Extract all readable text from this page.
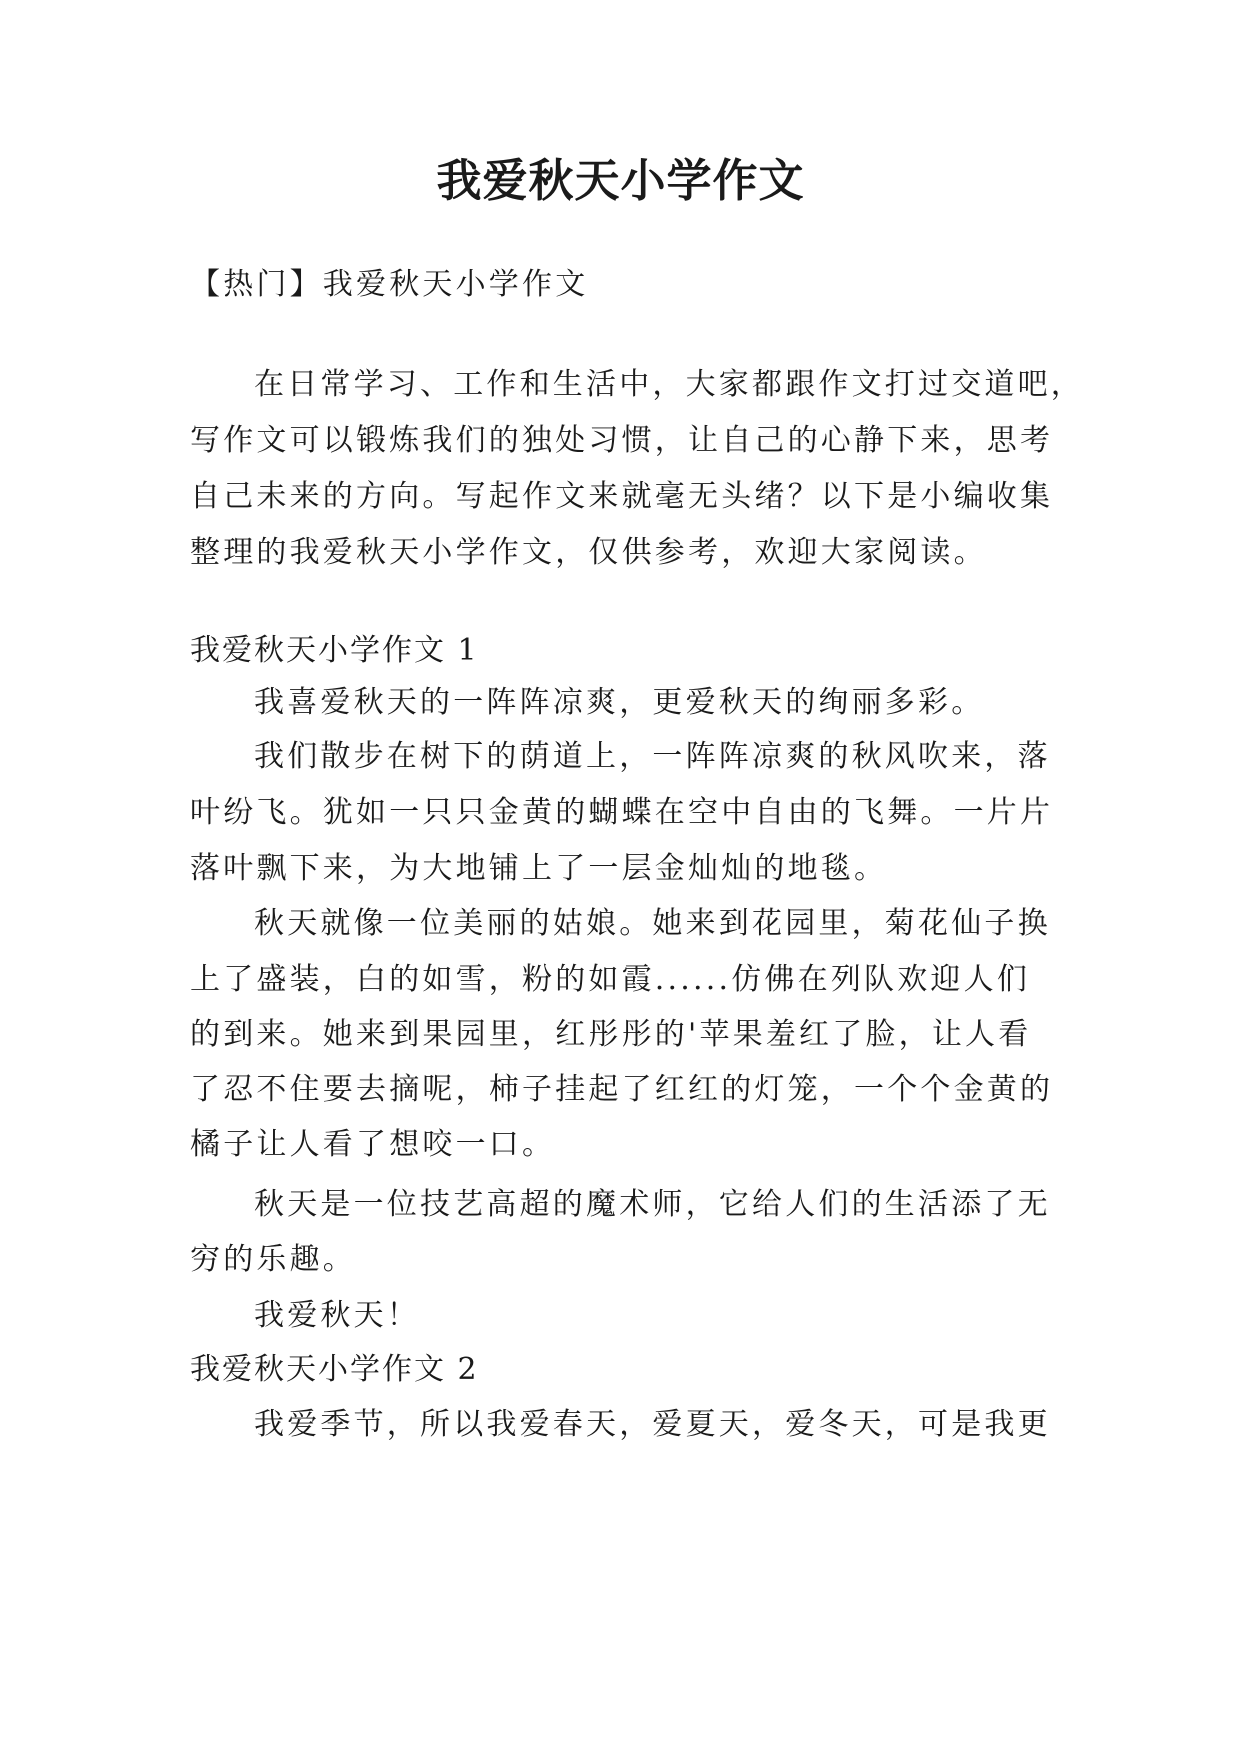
我爱秋天小学作文
【热门】我爱秋天小学作文
在日常学习、工作和生活中，大家都跟作文打过交道吧，
写作文可以锻炼我们的独处习惯，让自己的心静下来，思考
自己未来的方向。写起作文来就毫无头绪？以下是小编收集
整理的我爱秋天小学作文，仅供参考，欢迎大家阅读。
我爱秋天小学作文 1
我喜爱秋天的一阵阵凉爽，更爱秋天的绚丽多彩。
我们散步在树下的荫道上，一阵阵凉爽的秋风吹来，落
叶纷飞。犹如一只只金黄的蝴蝶在空中自由的飞舞。一片片
落叶飘下来，为大地铺上了一层金灿灿的地毯。
秋天就像一位美丽的姑娘。她来到花园里，菊花仙子换
上了盛装，白的如雪，粉的如霞......仿佛在列队欢迎人们
的到来。她来到果园里，红彤彤的'苹果羞红了脸，让人看
了忍不住要去摘呢，柿子挂起了红红的灯笼，一个个金黄的
橘子让人看了想咬一口。
秋天是一位技艺高超的魔术师，它给人们的生活添了无
穷的乐趣。
我爱秋天！
我爱秋天小学作文 2
我爱季节，所以我爱春天，爱夏天，爱冬天，可是我更
